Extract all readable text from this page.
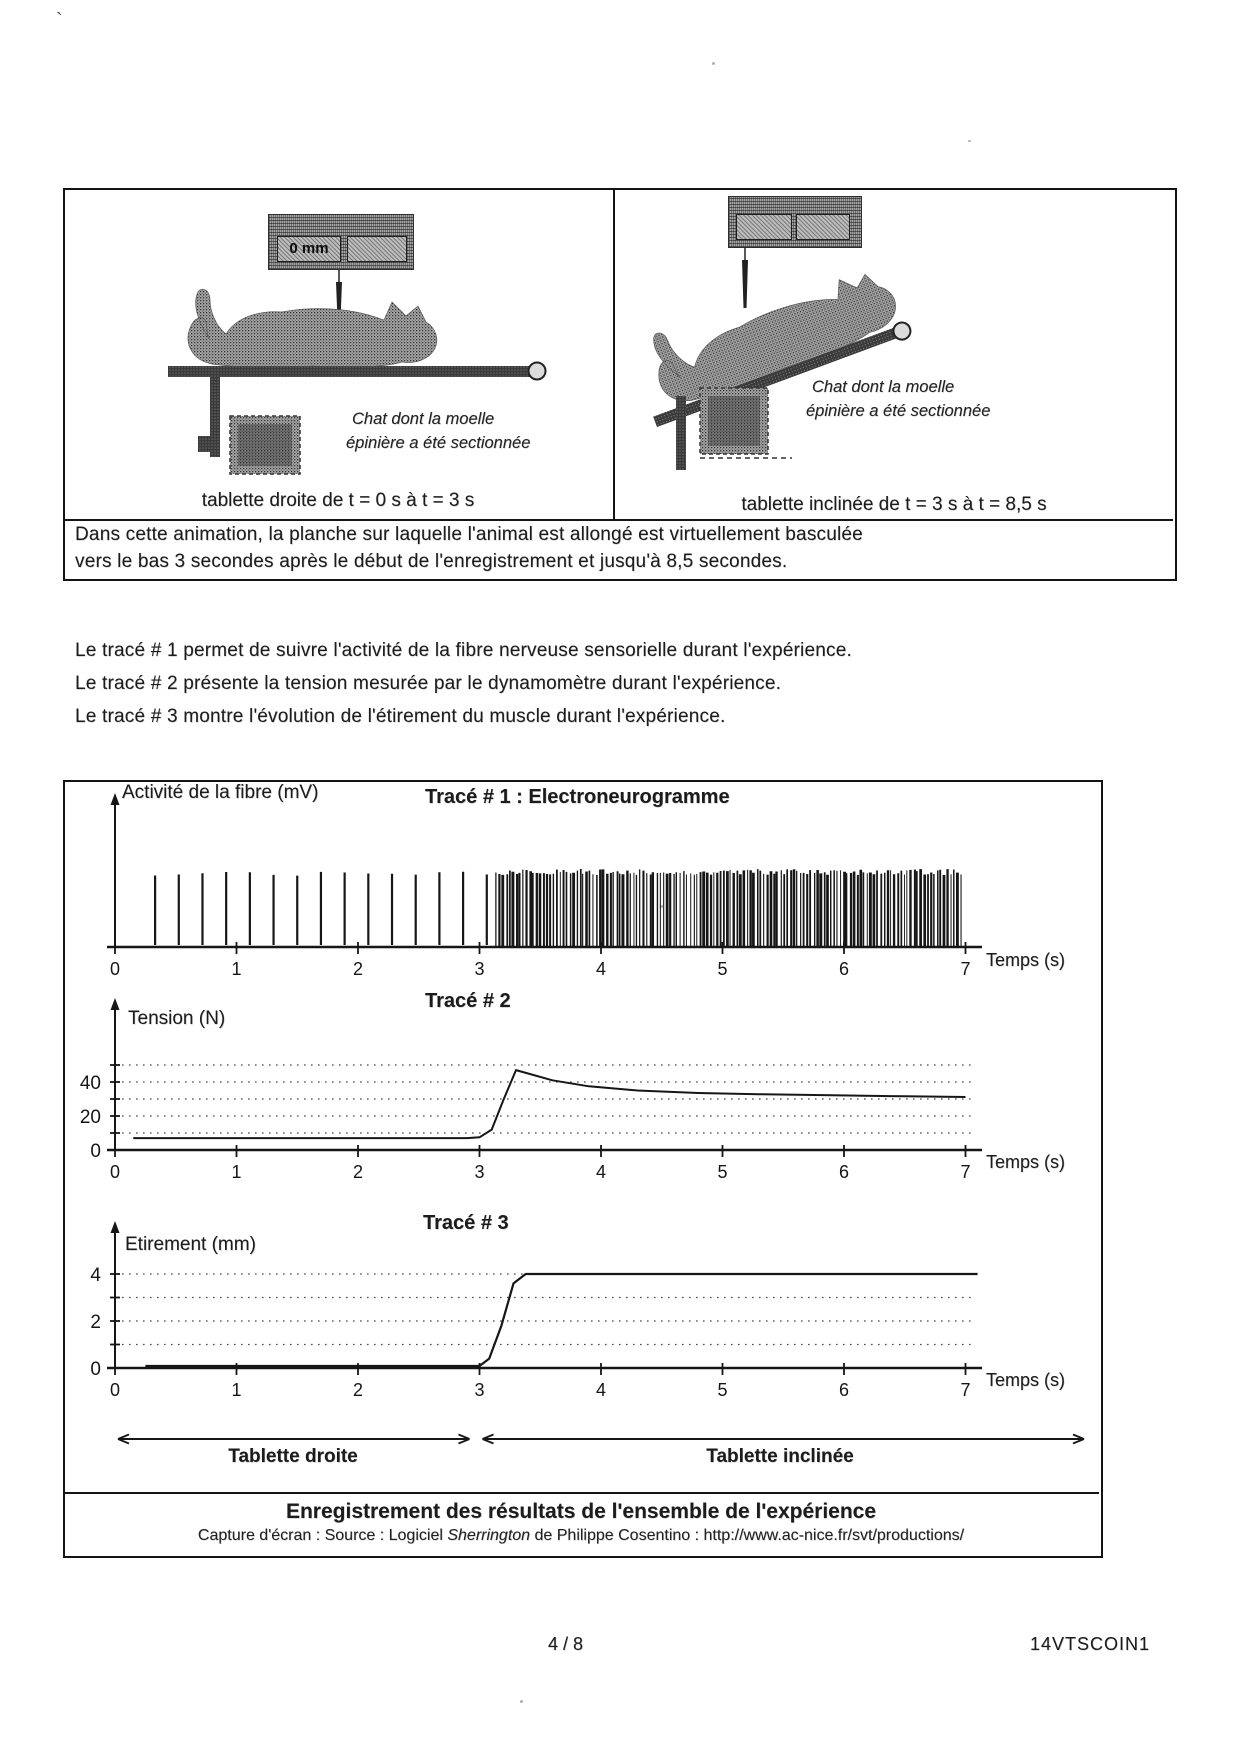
`
0 mm
Chat dont la moelle
épinière a été sectionnée
Chat dont la moelle
épinière a été sectionnée
tablette droite de t = 0 s à t = 3 s	tablette inclinée de t = 3 s à t = 8,5 s
Dans cette animation, la planche sur laquelle l'animal est allongé est virtuellement basculée
vers le bas 3 secondes après le début de l'enregistrement et jusqu'à 8,5 secondes.
Le tracé # 1 permet de suivre l'activité de la fibre nerveuse sensorielle durant l'expérience.
Le tracé # 2 présente la tension mesurée par le dynamomètre durant l'expérience.
Le tracé # 3 montre l'évolution de l'étirement du muscle durant l'expérience.
0	1	2	3	4	5	6	7
0	1	2	3	4	5	6	7
0
20
40
0	1	2	3	4	5	6	7
0
2
4
Tracé # 1 : Electroneurogramme
Activité de la fibre (mV)
Temps (s)
Tracé # 2
Tension (N)
Temps (s)
Tracé # 3
Etirement (mm)
Temps (s)
Tablette droite	Tablette inclinée
Enregistrement des résultats de l'ensemble de l'expérience
Capture d'écran : Source : Logiciel Sherrington de Philippe Cosentino : http://www.ac-nice.fr/svt/productions/
4 / 8	14VTSCOIN1
